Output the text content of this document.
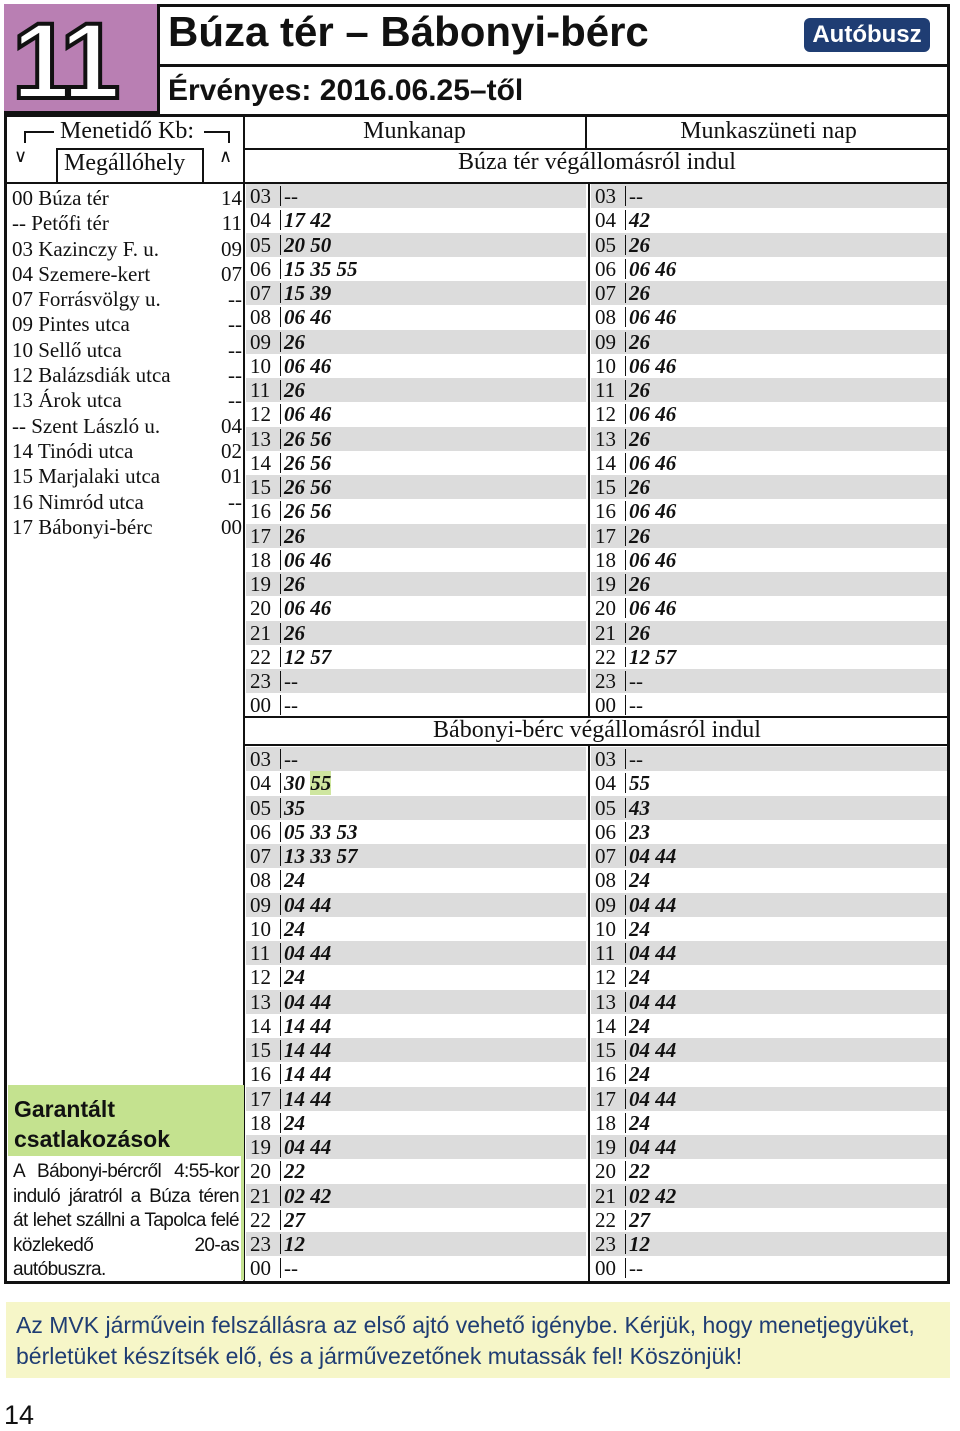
11 Búza tér – Bábonyi-bérc	Autóbusz
Érvényes: 2016.06.25–től
Menetidő Kb:
∨	∧
Megállóhely
Munkanap	Munkaszüneti nap
Búza tér végállomásról indul
Bábonyi-bérc végállomásról indul
00 Búza tér	14
-- Petőfi tér	11
03 Kazinczy F. u.	09
04 Szemere-kert	07
07 Forrásvölgy u.	--
09 Pintes utca	--
10 Sellő utca	--
12 Balázsdiák utca	--
13 Árok utca	--
-- Szent László u.	04
14 Tinódi utca	02
15 Marjalaki utca	01
16 Nimród utca	--
17 Bábonyi-bérc	00
03 --
04 17 42
05 20 50
06 15 35 55
07 15 39
08 06 46
09 26
10 06 46
11 26
12 06 46
13 26 56
14 26 56
15 26 56
16 26 56
17 26
18 06 46
19 26
20 06 46
21 26
22 12 57
23 --
00 --
03 --
04 42
05 26
06 06 46
07 26
08 06 46
09 26
10 06 46
11 26
12 06 46
13 26
14 06 46
15 26
16 06 46
17 26
18 06 46
19 26
20 06 46
21 26
22 12 57
23 --
00 --
03 --
04 30 55
05 35
06 05 33 53
07 13 33 57
08 24
09 04 44
10 24
11 04 44
12 24
13 04 44
14 14 44
15 14 44
16 14 44
17 14 44
18 24
19 04 44
20 22
21 02 42
22 27
23 12
00 --
03 --
04 55
05 43
06 23
07 04 44
08 24
09 04 44
10 24
11 04 44
12 24
13 04 44
14 24
15 04 44
16 24
17 04 44
18 24
19 04 44
20 22
21 02 42
22 27
23 12
00 --
Garantált
csatlakozások
A Bábonyi-bércről 4:55-kor induló járatról a Búza téren át lehet szállni a Tapolca felé közlekedő 20-as autóbuszra.
Az MVK járművein felszállásra az első ajtó vehető igénybe. Kérjük, hogy menetjegyüket, bérletüket készítsék elő, és a járművezetőnek mutassák fel! Köszönjük!
14
